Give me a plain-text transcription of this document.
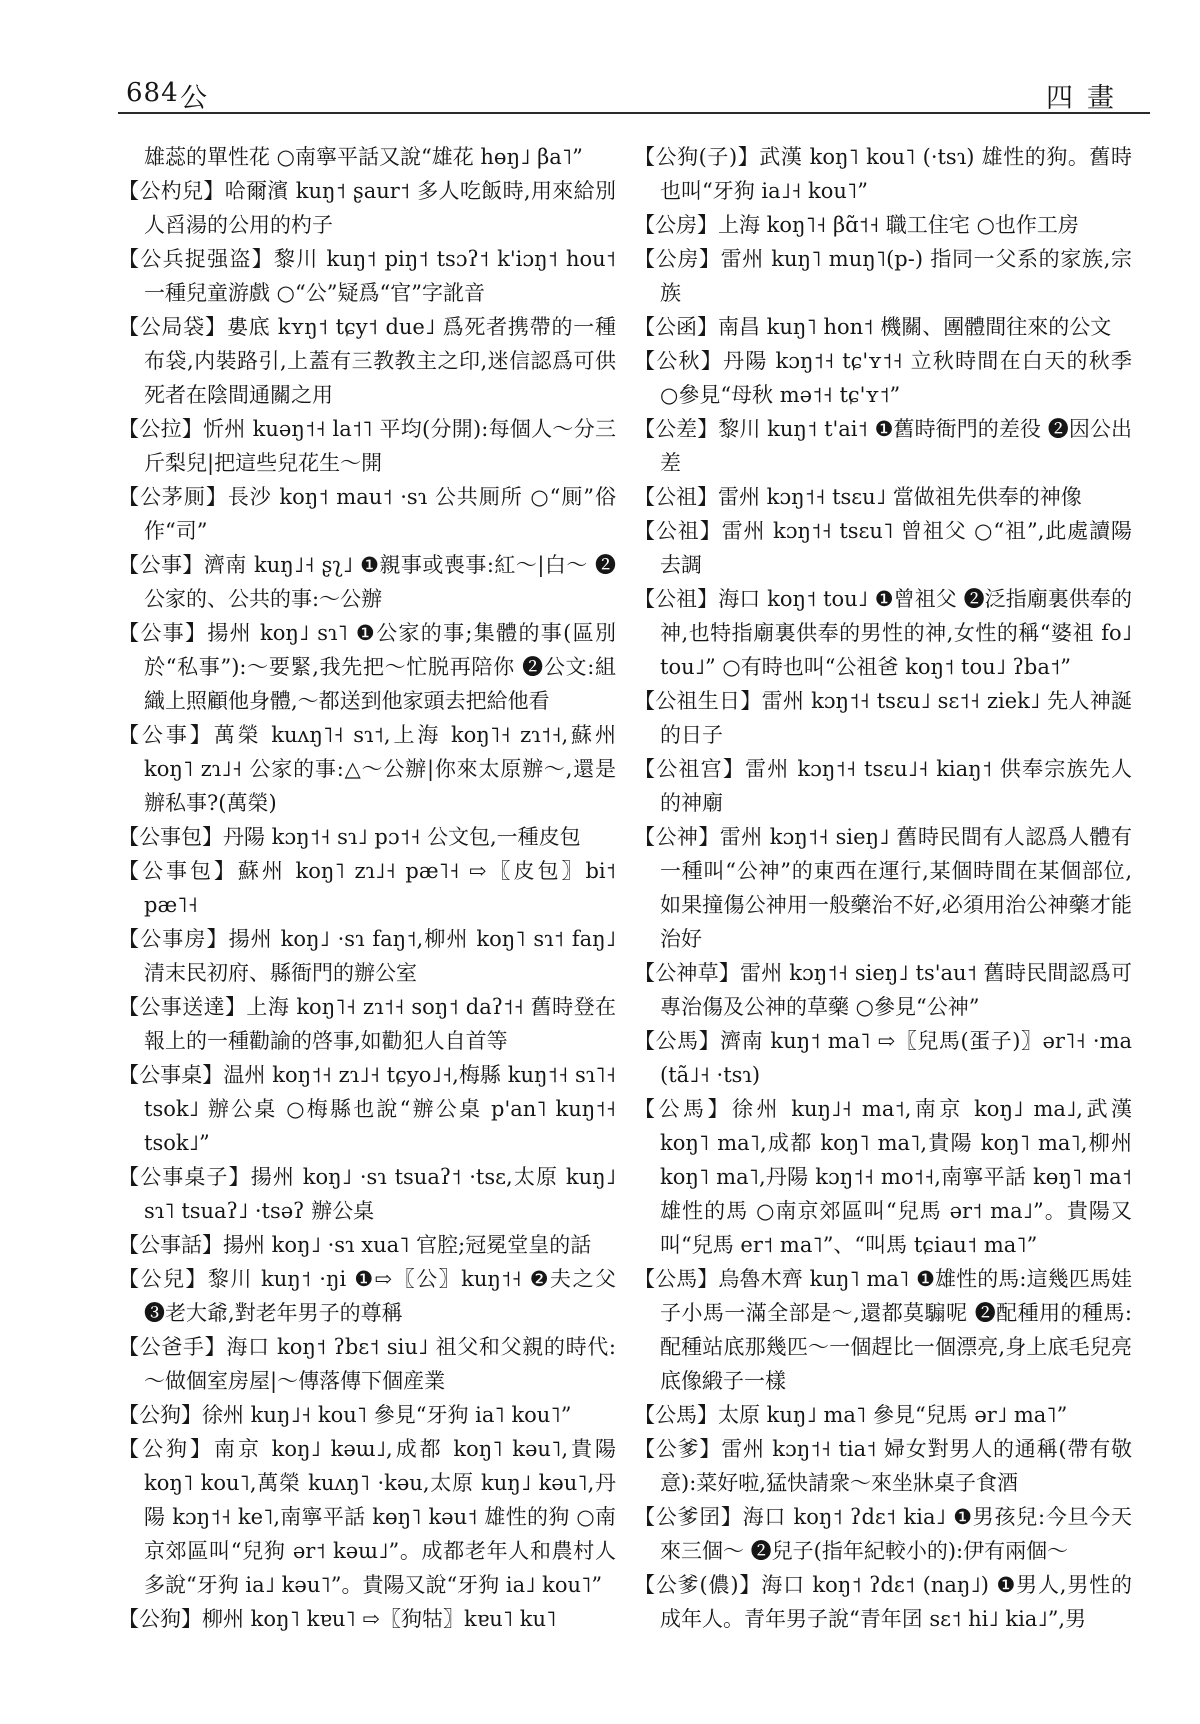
684 公	四畫
雄蕊的單性花 ○南寧平話又說“雄花 hɵŋ˩ βa˥”
【公杓兒】哈爾濱 kuŋ˦ ʂaur˦ 多人吃飯時,用來給別人舀湯的公用的杓子
【公兵捉强盗】黎川 kuŋ˦ piŋ˦ tsɔʔ˦ k'iɔŋ˦ hou˦ 一種兒童游戲 ○“公”疑爲“官”字訛音
【公局袋】婁底 kʏŋ˦ tɕy˦ due˩ 爲死者携帶的一種布袋,内裝路引,上蓋有三教教主之印,迷信認爲可供死者在陰間通關之用
【公拉】忻州 kuəŋ˦˧ la˦˥ 平均(分開):每個人～分三斤梨兒|把這些兒花生～開
【公茅厠】長沙 koŋ˦ mau˦ ·sɿ 公共厠所 ○“厠”俗作“司”
【公事】濟南 kuŋ˩˧ ʂʅ˩ ❶親事或喪事:紅～|白～ ❷公家的、公共的事:～公辦
【公事】揚州 koŋ˩ sɿ˥ ❶公家的事;集體的事(區別於“私事”):～要緊,我先把～忙脱再陪你 ❷公文:組織上照顧他身體,～都送到他家頭去把給他看
【公事】萬榮 kuʌŋ˥˧ sɿ˦,上海 koŋ˥˧ zɿ˦˧,蘇州 koŋ˥ zɿ˩˧ 公家的事:△～公辦|你來太原辦～,還是辦私事?(萬榮)
【公事包】丹陽 kɔŋ˦˧ sɿ˩ pɔ˦˧ 公文包,一種皮包
【公事包】蘇州 koŋ˥ zɿ˩˧ pæ˥˧ ⇨〖皮包〗bi˦ pæ˥˧
【公事房】揚州 koŋ˩ ·sɿ faŋ˦,柳州 koŋ˥ sɿ˦ faŋ˩ 清末民初府、縣衙門的辦公室
【公事送達】上海 koŋ˥˧ zɿ˦˧ soŋ˦ daʔ˦˧ 舊時登在報上的一種勸諭的啓事,如勸犯人自首等
【公事桌】温州 koŋ˦˧ zɿ˩˧ tɕyo˩˧,梅縣 kuŋ˦˧ sɿ˥˧ tsok˩ 辦公桌 ○梅縣也說“辦公桌 p'an˥ kuŋ˦˧ tsok˩”
【公事桌子】揚州 koŋ˩ ·sɿ tsuaʔ˦ ·tsɛ,太原 kuŋ˩ sɿ˥ tsuaʔ˩ ·tsəʔ 辦公桌
【公事話】揚州 koŋ˩ ·sɿ xua˥ 官腔;冠冕堂皇的話
【公兒】黎川 kuŋ˦ ·ŋi ❶⇨〖公〗kuŋ˦˧ ❷夫之父 ❸老大爺,對老年男子的尊稱
【公爸手】海口 koŋ˦ ʔbɛ˦ siu˩ 祖父和父親的時代:～做個室房屋|～傳落傳下個産業
【公狗】徐州 kuŋ˩˧ kou˥ 參見“牙狗 ia˥ kou˥”
【公狗】南京 koŋ˩ kəɯ˩,成都 koŋ˥ kəu˥,貴陽 koŋ˥ kou˥,萬榮 kuʌŋ˥ ·kəu,太原 kuŋ˩ kəu˥,丹陽 kɔŋ˦˧ ke˥,南寧平話 kɵŋ˥ kəu˦ 雄性的狗 ○南京郊區叫“兒狗 ər˦ kəɯ˩”。成都老年人和農村人多說“牙狗 ia˩ kəu˥”。貴陽又說“牙狗 ia˩ kou˥”
【公狗】柳州 koŋ˥ kɐu˥ ⇨〖狗牯〗kɐu˥ ku˥
【公狗(子)】武漢 koŋ˥ kou˥ (·tsɿ) 雄性的狗。舊時也叫“牙狗 ia˩˧ kou˥”
【公房】上海 koŋ˥˧ βɑ̃˦˧ 職工住宅 ○也作工房
【公房】雷州 kuŋ˥ muŋ˥(p-) 指同一父系的家族,宗族
【公函】南昌 kuŋ˥ hon˦ 機關、團體間往來的公文
【公秋】丹陽 kɔŋ˦˧ tɕ'ʏ˦˧ 立秋時間在白天的秋季 ○參見“母秋 mə˦˧ tɕ'ʏ˦”
【公差】黎川 kuŋ˦ t'ai˦ ❶舊時衙門的差役 ❷因公出差
【公祖】雷州 kɔŋ˦˧ tsɛu˩ 當做祖先供奉的神像
【公祖】雷州 kɔŋ˦˧ tsɛu˥ 曾祖父 ○“祖”,此處讀陽去調
【公祖】海口 koŋ˦ tou˩ ❶曾祖父 ❷泛指廟裏供奉的神,也特指廟裏供奉的男性的神,女性的稱“婆祖 fo˩ tou˩” ○有時也叫“公祖爸 koŋ˦ tou˩ ʔba˦”
【公祖生日】雷州 kɔŋ˦˧ tsɛu˩ sɛ˦˧ ziek˩ 先人神誕的日子
【公祖宫】雷州 kɔŋ˦˧ tsɛu˩˧ kiaŋ˦ 供奉宗族先人的神廟
【公神】雷州 kɔŋ˦˧ sieŋ˩ 舊時民間有人認爲人體有一種叫“公神”的東西在運行,某個時間在某個部位,如果撞傷公神用一般藥治不好,必須用治公神藥才能治好
【公神草】雷州 kɔŋ˦˧ sieŋ˩ ts'au˦ 舊時民間認爲可專治傷及公神的草藥 ○參見“公神”
【公馬】濟南 kuŋ˦ ma˥ ⇨〖兒馬(蛋子)〗ər˥˧ ·ma (tã˩˧ ·tsɿ)
【公馬】徐州 kuŋ˩˧ ma˦,南京 koŋ˩ ma˩,武漢 koŋ˥ ma˥,成都 koŋ˥ ma˥,貴陽 koŋ˥ ma˥,柳州 koŋ˥ ma˥,丹陽 kɔŋ˦˧ mo˦˧,南寧平話 kɵŋ˥ ma˦ 雄性的馬 ○南京郊區叫“兒馬 ər˦ ma˩”。貴陽又叫“兒馬 er˦ ma˥”、“叫馬 tɕiau˦ ma˥”
【公馬】烏魯木齊 kuŋ˥ ma˥ ❶雄性的馬:這幾匹馬娃子小馬一滿全部是～,還都莫騸呢 ❷配種用的種馬:配種站底那幾匹～一個趕比一個漂亮,身上底毛兒亮底像緞子一樣
【公馬】太原 kuŋ˩ ma˥ 參見“兒馬 ər˩ ma˥”
【公爹】雷州 kɔŋ˦˧ tia˦ 婦女對男人的通稱(帶有敬意):菜好啦,猛快請衆～來坐牀桌子食酒
【公爹囝】海口 koŋ˦ ʔdɛ˦ kia˩ ❶男孩兒:今旦今天來三個～ ❷兒子(指年紀較小的):伊有兩個～
【公爹(儂)】海口 koŋ˦ ʔdɛ˦ (naŋ˩) ❶男人,男性的成年人。青年男子說“青年囝 sɛ˦ hi˩ kia˩”,男
